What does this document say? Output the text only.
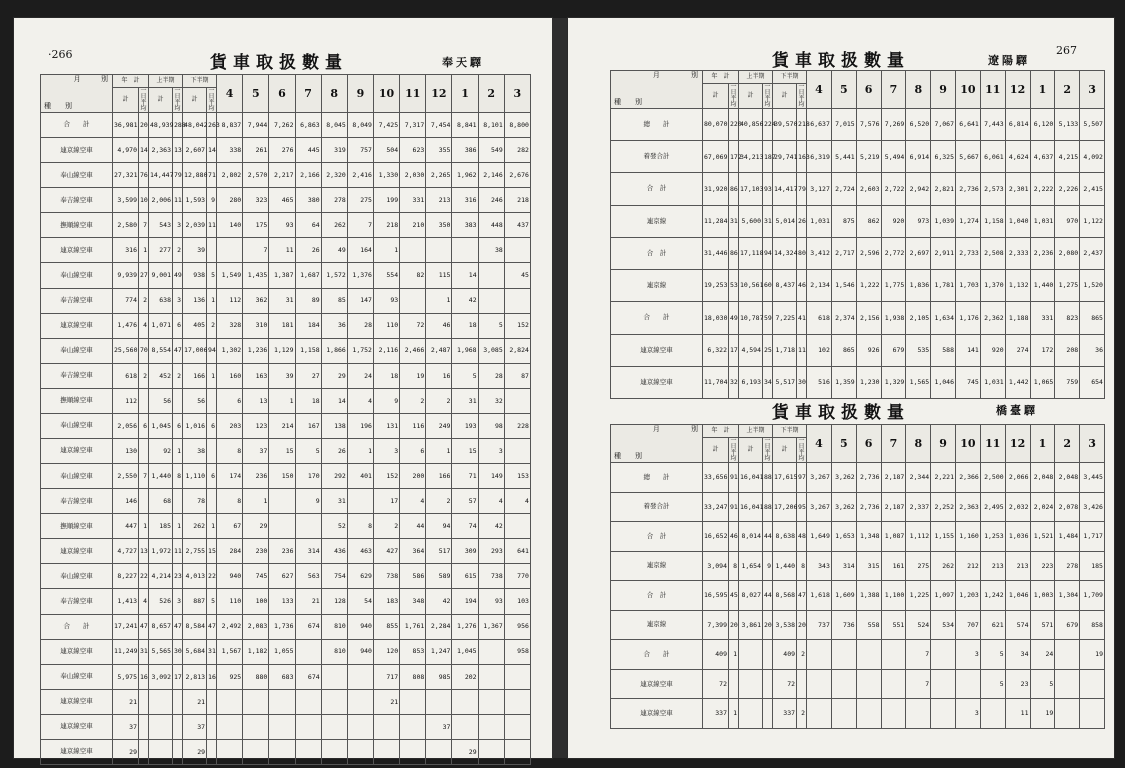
·266	貨車取扱數量	奉天驛
月 別
種　　別	年　計		上半期		下半期		4	5	6	7	8	9	10	11	12	1	2	3
	計	一日平均	計	一日平均	計	一日平均												
合　　計	36,981	20	48,939	288	48,042	263	8,837	7,944	7,262	6,863	8,045	8,049	7,425	7,317	7,454	8,841	8,101	8,800
連京線空車	4,970	14	2,363	13	2,607	14	338	261	276	445	319	757	504	623	355	386	549	282
奉山線空車	27,321	76	14,447	79	12,880	71	2,802	2,570	2,217	2,166	2,320	2,416	1,330	2,030	2,265	1,962	2,146	2,676
奉吉線空車	3,599	10	2,006	11	1,593	9	280	323	465	380	278	275	199	331	213	316	246	218
撫順線空車	2,580	7	543	3	2,039	11	140	175	93	64	262	7	218	210	350	383	448	437
連京線空車	316	1	277	2	39			7	11	26	49	164	1				38	
奉山線空車	9,939	27	9,001	49	938	5	1,549	1,435	1,387	1,687	1,572	1,376	554	82	115	14		45
奉吉線空車	774	2	638	3	136	1	112	362	31	89	85	147	93		1	42		
連京線空車	1,476	4	1,071	6	405	2	328	310	181	184	36	28	110	72	46	18	5	152
奉山線空車	25,560	70	8,554	47	17,006	94	1,302	1,236	1,129	1,158	1,866	1,752	2,116	2,466	2,487	1,968	3,085	2,824
奉吉線空車	618	2	452	2	166	1	160	163	39	27	29	24	18	19	16	5	28	87
撫順線空車	112		56		56		6	13	1	18	14	4	9	2	2	31	32	
奉山線空車	2,056	6	1,045	6	1,016	6	203	123	214	167	138	196	131	116	249	193	98	228
連京線空車	130		92	1	38		8	37	15	5	26	1	3	6	1	15	3	
奉山線空車	2,550	7	1,440	8	1,110	6	174	236	150	170	292	401	152	200	166	71	149	153
奉吉線空車	146		68		78		8	1		9	31		17	4	2	57	4	4
撫順線空車	447	1	185	1	262	1	67	29			52	8	2	44	94	74	42	
連京線空車	4,727	13	1,972	11	2,755	15	284	230	236	314	436	463	427	364	517	309	293	641
奉山線空車	8,227	22	4,214	23	4,013	22	940	745	627	563	754	629	738	586	589	615	738	770
奉吉線空車	1,413	4	526	3	887	5	110	100	133	21	128	54	183	348	42	194	93	103
合　　計	17,241	47	8,657	47	8,584	47	2,492	2,083	1,736	674	810	940	855	1,761	2,284	1,276	1,367	956
連京線空車	11,249	31	5,565	30	5,684	31	1,567	1,182	1,055		810	940	120	853	1,247	1,045		958
奉山線空車	5,975	16	3,092	17	2,813	16	925	880	683	674			717	808	985	202		
連京線空車	21				21								21					
連京線空車	37				37										37			
連京線空車	29				29											29		
貨車取扱數量	遼陽驛
267
月 別
種　　別	年　計		上半期		下半期		4	5	6	7	8	9	10	11	12	1	2	3
	計	一日平均	計	一日平均	計	一日平均												
總　　計	80,070	220	40,856	224	39,570	218	6,637	7,015	7,576	7,269	6,520	7,067	6,641	7,443	6,814	6,120	5,133	5,507
着發合計	67,069	172	34,213	187	29,741	163	6,319	5,441	5,219	5,494	6,914	6,325	5,667	6,061	4,624	4,637	4,215	4,092
合　計	31,920	86	17,103	93	14,417	79	3,127	2,724	2,603	2,722	2,942	2,821	2,736	2,573	2,301	2,222	2,226	2,415
連京線	11,284	31	5,600	31	5,014	26	1,031	875	862	920	973	1,039	1,274	1,158	1,040	1,031	970	1,122
合　計	31,446	86	17,118	94	14,324	80	3,412	2,717	2,596	2,772	2,697	2,911	2,733	2,508	2,333	2,236	2,080	2,437
連京線	19,253	53	10,561	60	8,437	46	2,134	1,546	1,222	1,775	1,836	1,781	1,703	1,370	1,132	1,440	1,275	1,520
合　　計	18,030	49	10,787	59	7,225	41	618	2,374	2,156	1,938	2,105	1,634	1,176	2,362	1,188	331	823	865
連京線空車	6,322	17	4,594	25	1,718	11	102	865	926	679	535	588	141	920	274	172	208	36
連京線空車	11,704	32	6,193	34	5,517	30	516	1,359	1,230	1,329	1,565	1,046	745	1,031	1,442	1,065	759	654
貨車取扱數量	橋臺驛
月 別
種　　別	年　計		上半期		下半期		4	5	6	7	8	9	10	11	12	1	2	3
	計	一日平均	計	一日平均	計	一日平均												
總　　計	33,656	91	16,041	88	17,615	97	3,267	3,262	2,736	2,187	2,344	2,221	2,366	2,500	2,066	2,048	2,048	3,445
着發合計	33,247	91	16,041	88	17,206	95	3,267	3,262	2,736	2,187	2,337	2,252	2,363	2,495	2,032	2,024	2,078	3,426
合　計	16,652	46	8,014	44	8,638	48	1,649	1,653	1,348	1,087	1,112	1,155	1,160	1,253	1,036	1,521	1,484	1,717
連京線	3,094	8	1,654	9	1,440	8	343	314	315	161	275	262	212	213	213	223	278	185
合　計	16,595	45	8,027	44	8,568	47	1,618	1,609	1,388	1,100	1,225	1,097	1,203	1,242	1,046	1,003	1,304	1,709
連京線	7,399	20	3,861	20	3,538	20	737	736	558	551	524	534	707	621	574	571	679	858
合　　計	409	1			409	2					7		3	5	34	24		19
連京線空車	72				72						7			5	23	5		
連京線空車	337	1			337	2							3		11	19		
